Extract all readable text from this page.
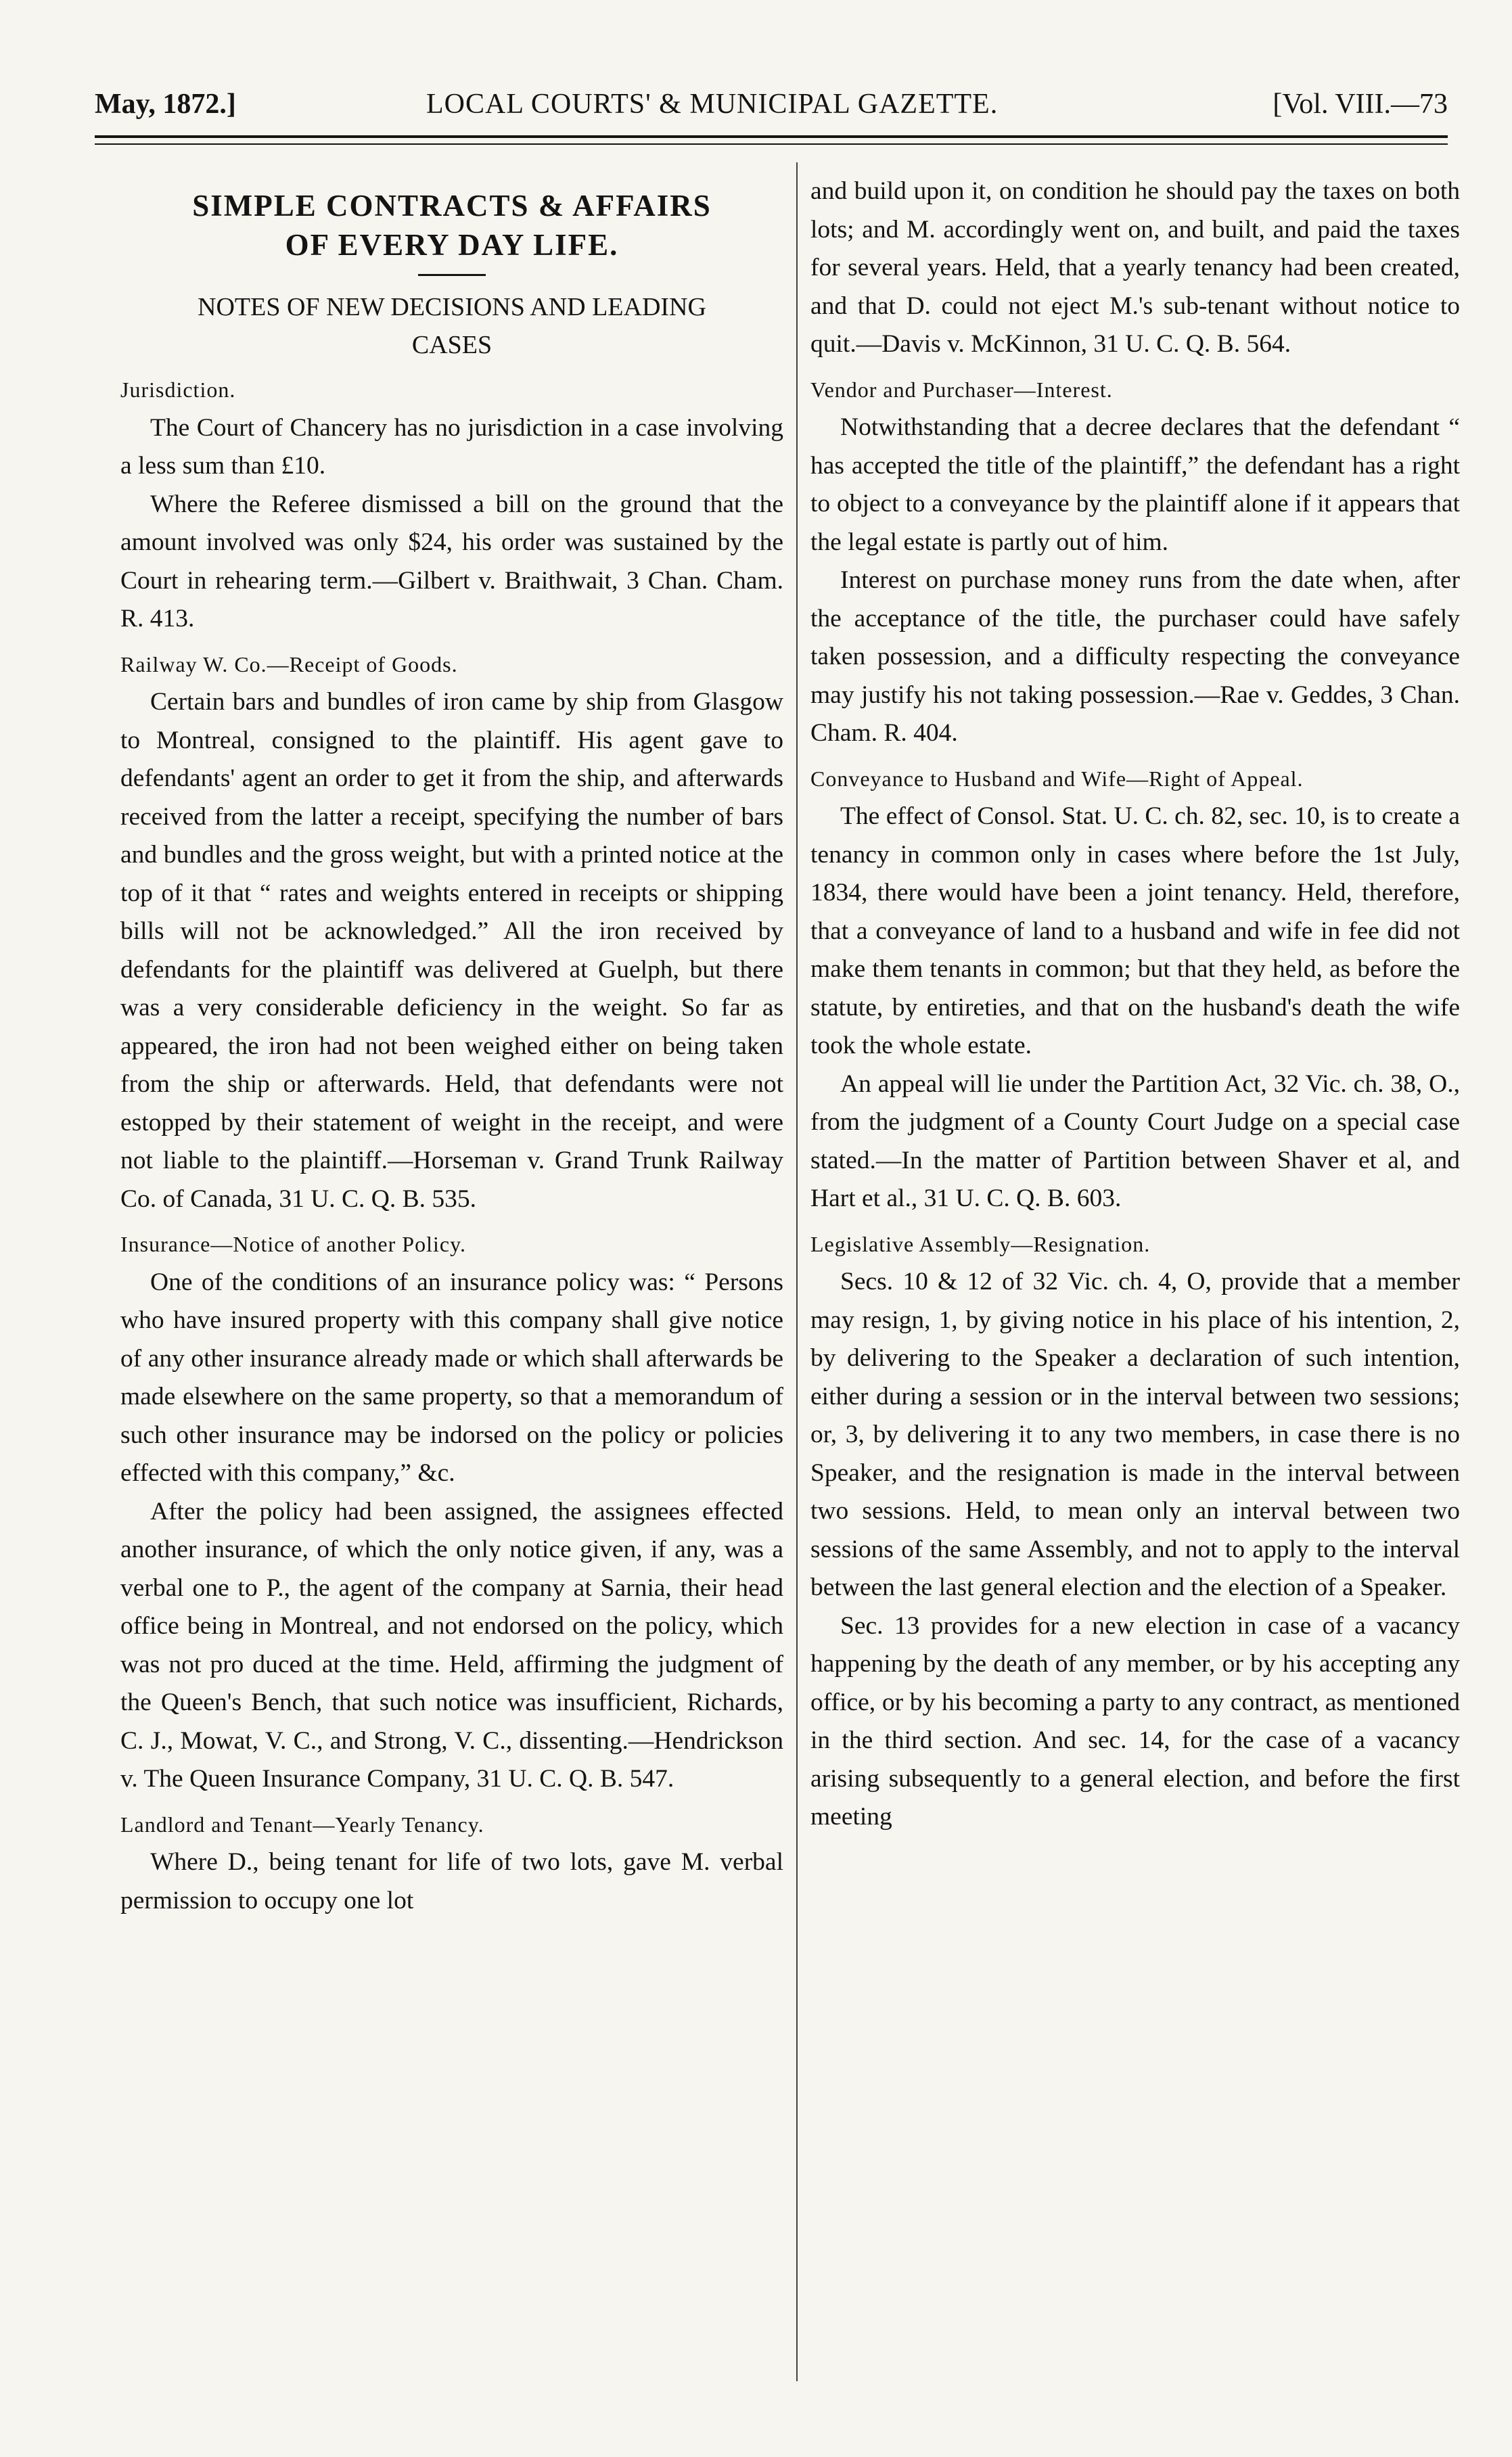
May, 1872.]	LOCAL COURTS' & MUNICIPAL GAZETTE.	[Vol. VIII.—73
SIMPLE CONTRACTS & AFFAIRS
OF EVERY DAY LIFE.
NOTES OF NEW DECISIONS AND LEADING
CASES
Jurisdiction.

The Court of Chancery has no jurisdiction in a case involving a less sum than £10.

Where the Referee dismissed a bill on the ground that the amount involved was only $24, his order was sustained by the Court in rehearing term.—Gilbert v. Braithwait, 3 Chan. Cham. R. 413.

Railway W. Co.—Receipt of Goods.

Certain bars and bundles of iron came by ship from Glasgow to Montreal, consigned to the plaintiff. His agent gave to defendants' agent an order to get it from the ship, and afterwards received from the latter a receipt, specifying the number of bars and bundles and the gross weight, but with a printed notice at the top of it that “ rates and weights entered in receipts or shipping bills will not be acknowledged.” All the iron received by defendants for the plaintiff was delivered at Guelph, but there was a very considerable deficiency in the weight. So far as appeared, the iron had not been weighed either on being taken from the ship or afterwards. Held, that defendants were not estopped by their statement of weight in the receipt, and were not liable to the plaintiff.—Horseman v. Grand Trunk Railway Co. of Canada, 31 U. C. Q. B. 535.

Insurance—Notice of another Policy.

One of the conditions of an insurance policy was: “ Persons who have insured property with this company shall give notice of any other insurance already made or which shall afterwards be made elsewhere on the same property, so that a memorandum of such other insurance may be indorsed on the policy or policies effected with this company,” &c.

After the policy had been assigned, the assignees effected another insurance, of which the only notice given, if any, was a verbal one to P., the agent of the company at Sarnia, their head office being in Montreal, and not endorsed on the policy, which was not pro duced at the time. Held, affirming the judgment of the Queen's Bench, that such notice was insufficient, Richards, C. J., Mowat, V. C., and Strong, V. C., dissenting.—Hendrickson v. The Queen Insurance Company, 31 U. C. Q. B. 547.

Landlord and Tenant—Yearly Tenancy.

Where D., being tenant for life of two lots, gave M. verbal permission to occupy one lot

and build upon it, on condition he should pay the taxes on both lots; and M. accordingly went on, and built, and paid the taxes for several years. Held, that a yearly tenancy had been created, and that D. could not eject M.'s sub-tenant without notice to quit.—Davis v. McKinnon, 31 U. C. Q. B. 564.

Vendor and Purchaser—Interest.

Notwithstanding that a decree declares that the defendant “ has accepted the title of the plaintiff,” the defendant has a right to object to a conveyance by the plaintiff alone if it appears that the legal estate is partly out of him.

Interest on purchase money runs from the date when, after the acceptance of the title, the purchaser could have safely taken possession, and a difficulty respecting the conveyance may justify his not taking possession.—Rae v. Geddes, 3 Chan. Cham. R. 404.

Conveyance to Husband and Wife—Right of Appeal.

The effect of Consol. Stat. U. C. ch. 82, sec. 10, is to create a tenancy in common only in cases where before the 1st July, 1834, there would have been a joint tenancy. Held, therefore, that a conveyance of land to a husband and wife in fee did not make them tenants in common; but that they held, as before the statute, by entireties, and that on the husband's death the wife took the whole estate.

An appeal will lie under the Partition Act, 32 Vic. ch. 38, O., from the judgment of a County Court Judge on a special case stated.—In the matter of Partition between Shaver et al, and Hart et al., 31 U. C. Q. B. 603.

Legislative Assembly—Resignation.

Secs. 10 & 12 of 32 Vic. ch. 4, O, provide that a member may resign, 1, by giving notice in his place of his intention, 2, by delivering to the Speaker a declaration of such intention, either during a session or in the interval between two sessions; or, 3, by delivering it to any two members, in case there is no Speaker, and the resignation is made in the interval between two sessions. Held, to mean only an interval between two sessions of the same Assembly, and not to apply to the interval between the last general election and the election of a Speaker.

Sec. 13 provides for a new election in case of a vacancy happening by the death of any member, or by his accepting any office, or by his becoming a party to any contract, as mentioned in the third section. And sec. 14, for the case of a vacancy arising subsequently to a general election, and before the first meeting
